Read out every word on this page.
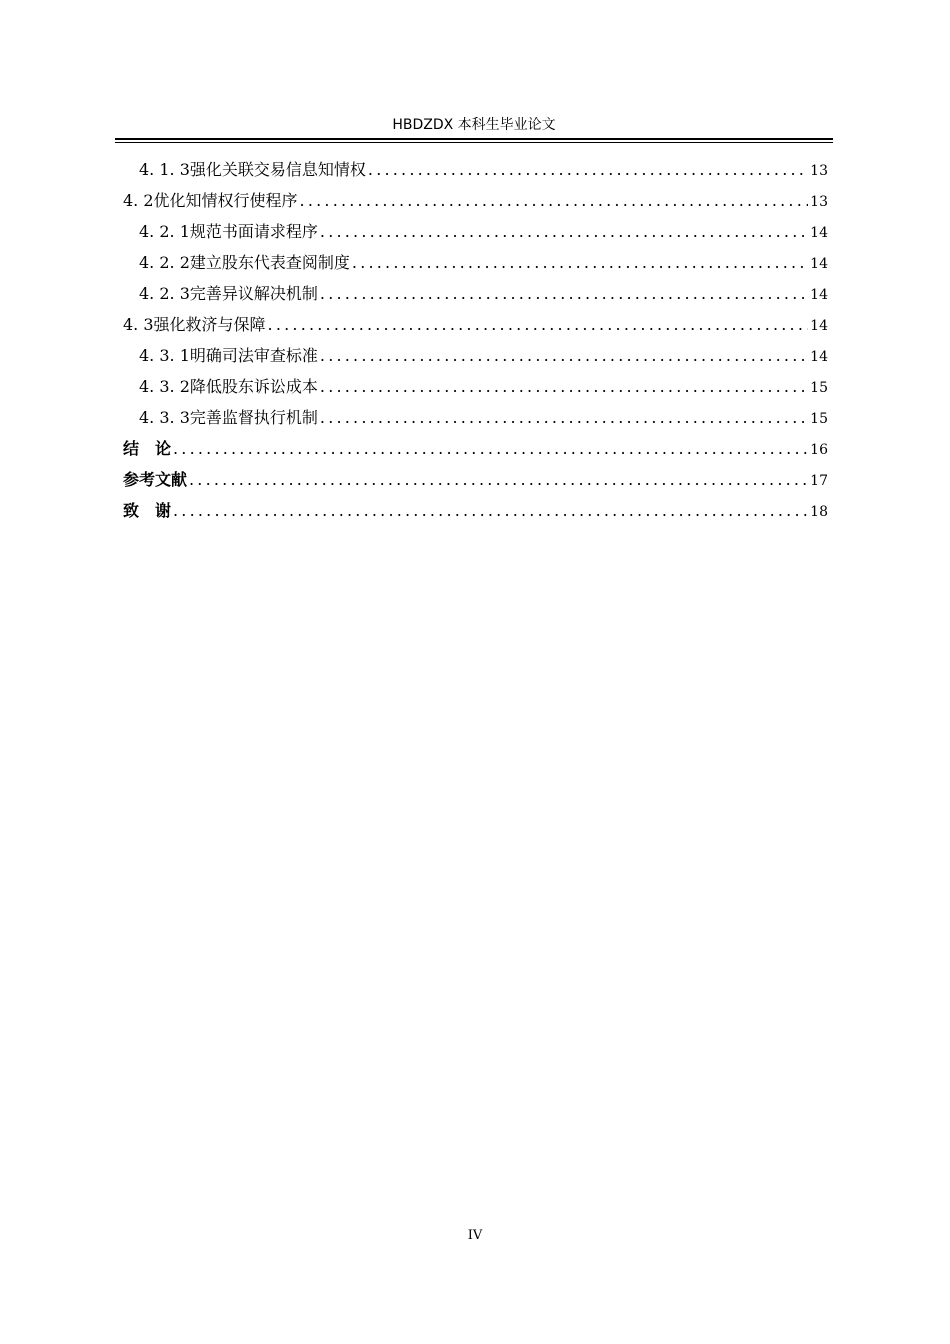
HBDZDX 本科生毕业论文
4. 1. 3 强化关联交易信息知情权 .....	13
4. 2 优化知情权行使程序 .....	13
4. 2. 1 规范书面请求程序 .....	14
4. 2. 2 建立股东代表查阅制度 .....	14
4. 2. 3 完善异议解决机制 .....	14
4. 3 强化救济与保障 .....	14
4. 3. 1 明确司法审查标准 .....	14
4. 3. 2 降低股东诉讼成本 .....	15
4. 3. 3 完善监督执行机制 .....	15
结　论 .....	16
参考文献 .....	17
致　谢 .....	18
IV
